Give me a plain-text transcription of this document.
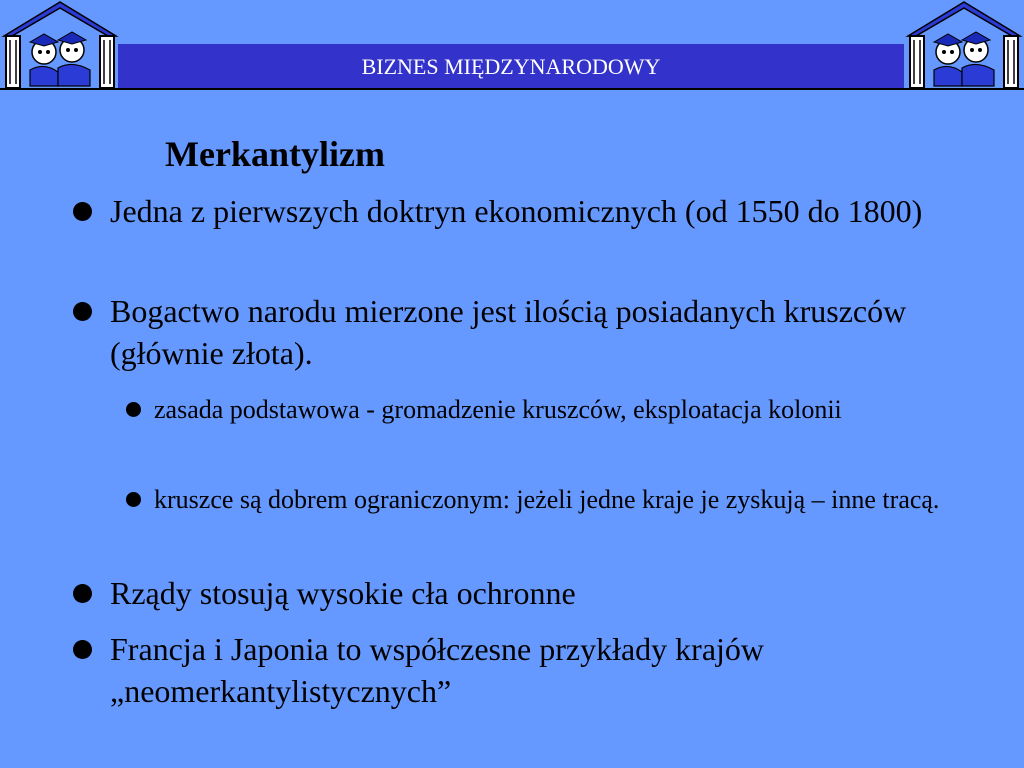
BIZNES MIĘDZYNARODOWY
Merkantylizm
Jedna z pierwszych doktryn ekonomicznych (od 1550 do 1800)
Bogactwo narodu mierzone jest ilością posiadanych kruszców (głównie złota).
zasada podstawowa - gromadzenie kruszców, eksploatacja kolonii
kruszce są dobrem ograniczonym: jeżeli jedne kraje je zyskują – inne tracą.
Rządy stosują wysokie cła ochronne
Francja i Japonia to współczesne przykłady krajów „neomerkantylistycznych”
